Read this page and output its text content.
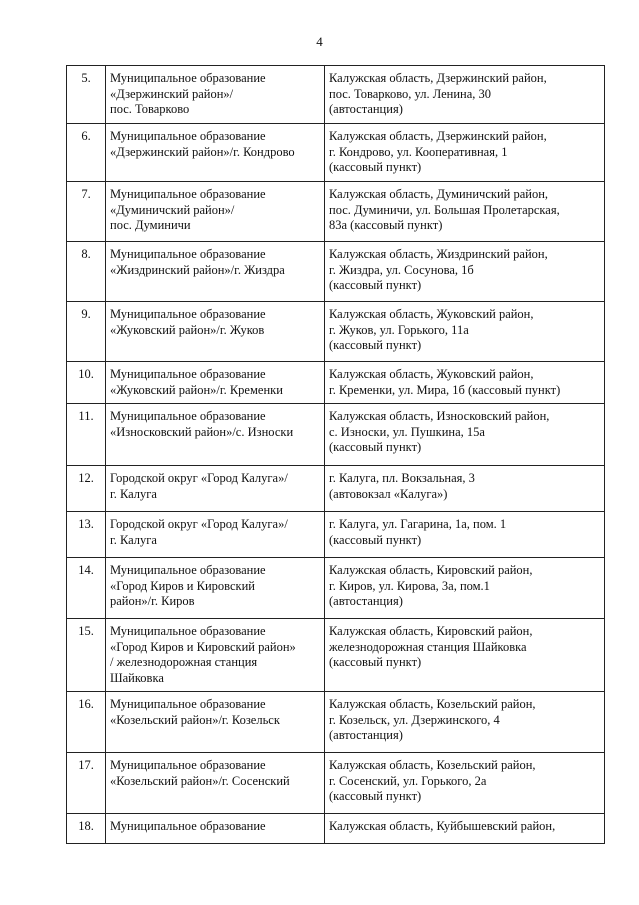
4
5.	Муниципальное образование
«Дзержинский район»/
пос. Товарково	Калужская область, Дзержинский район,
пос. Товарково, ул. Ленина, 30
(автостанция)

6.	Муниципальное образование
«Дзержинский район»/г. Кондрово	Калужская область, Дзержинский район,
г. Кондрово, ул. Кооперативная, 1
(кассовый пункт)

7.	Муниципальное образование
«Думиничский район»/
пос. Думиничи	Калужская область, Думиничский район,
пос. Думиничи, ул. Большая Пролетарская,
83а (кассовый пункт)

8.	Муниципальное образование
«Жиздринский район»/г. Жиздра	Калужская область, Жиздринский район,
г. Жиздра, ул. Сосунова, 1б
(кассовый пункт)

9.	Муниципальное образование
«Жуковский район»/г. Жуков	Калужская область, Жуковский район,
г. Жуков, ул. Горького, 11а
(кассовый пункт)

10.	Муниципальное образование
«Жуковский район»/г. Кременки	Калужская область, Жуковский район,
г. Кременки, ул. Мира, 1б (кассовый пункт)

11.	Муниципальное образование
«Износковский район»/с. Износки	Калужская область, Износковский район,
с. Износки, ул. Пушкина, 15а
(кассовый пункт)

12.	Городской округ «Город Калуга»/
г. Калуга	г. Калуга, пл. Вокзальная, 3
(автовокзал «Калуга»)

13.	Городской округ «Город Калуга»/
г. Калуга	г. Калуга, ул. Гагарина, 1а, пом. 1
(кассовый пункт)

14.	Муниципальное образование
«Город Киров и Кировский
район»/г. Киров	Калужская область, Кировский район,
г. Киров, ул. Кирова, 3а, пом.1
(автостанция)

15.	Муниципальное образование
«Город Киров и Кировский район»
/ железнодорожная станция
Шайковка	Калужская область, Кировский район,
железнодорожная станция Шайковка
(кассовый пункт)

16.	Муниципальное образование
«Козельский район»/г. Козельск	Калужская область, Козельский район,
г. Козельск, ул. Дзержинского, 4
(автостанция)

17.	Муниципальное образование
«Козельский район»/г. Сосенский	Калужская область, Козельский район,
г. Сосенский, ул. Горького, 2а
(кассовый пункт)

18.	Муниципальное образование	Калужская область, Куйбышевский район,
